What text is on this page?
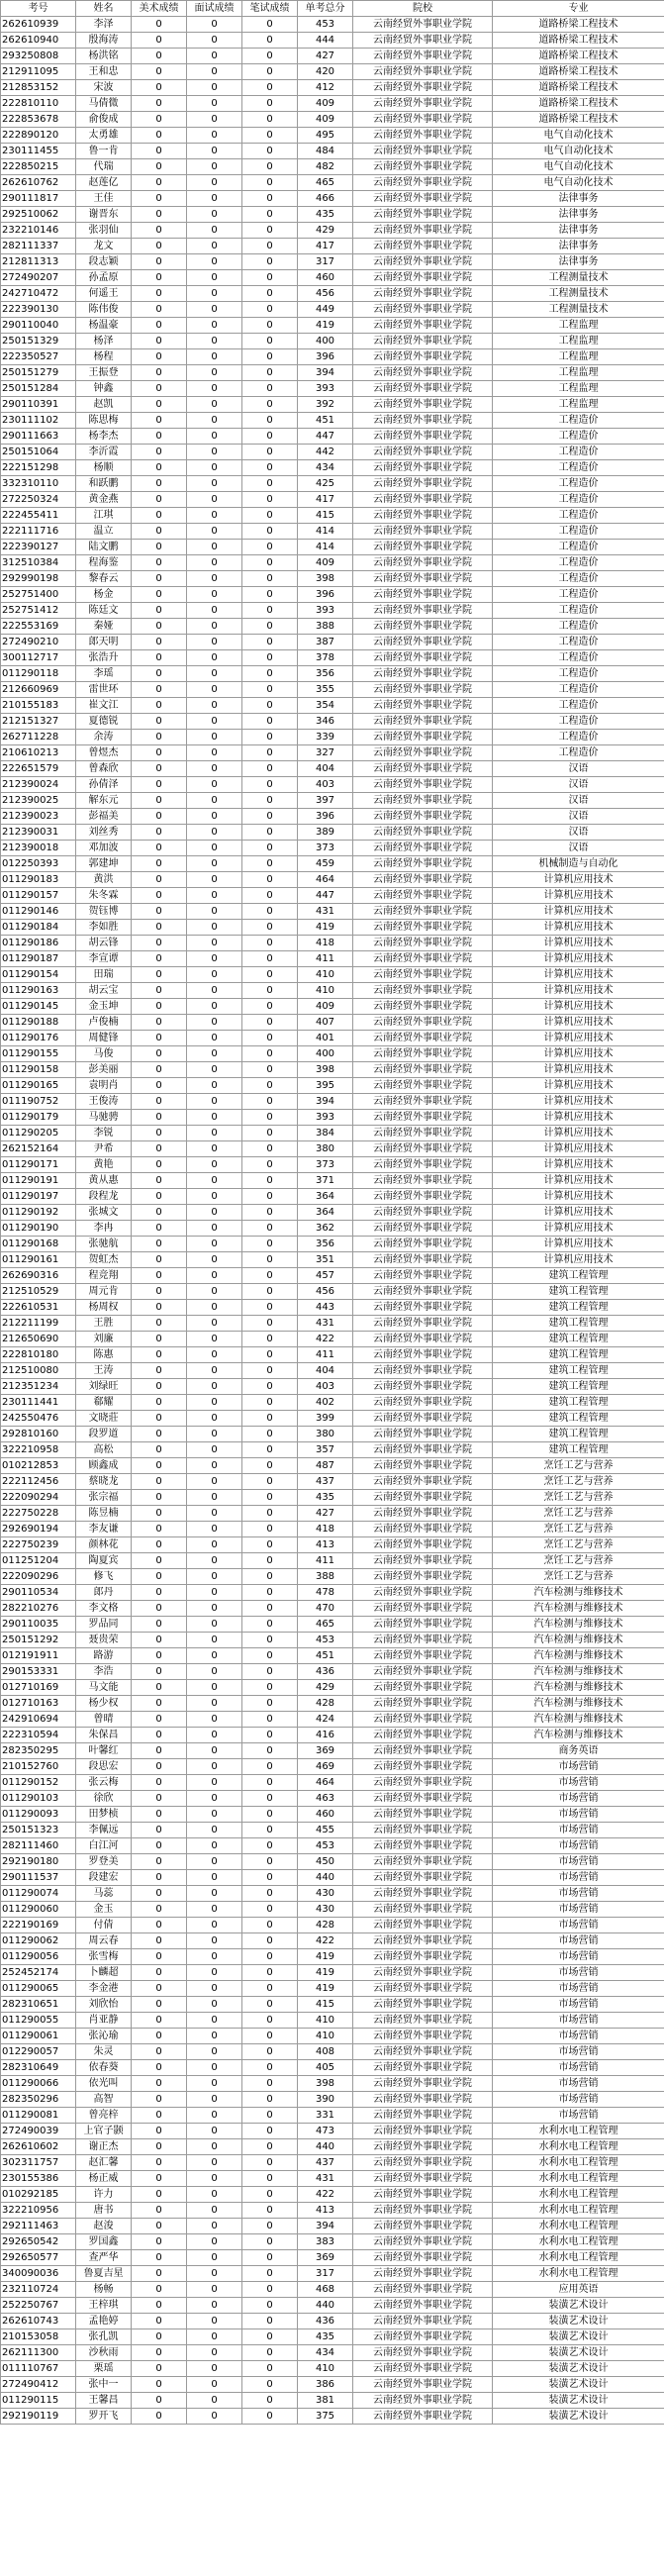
考号	姓名	美术成绩	面试成绩	笔试成绩	单考总分	院校	专业
262610939	李泽	0	0	0	453	云南经贸外事职业学院	道路桥梁工程技术
262610940	殷海涛	0	0	0	444	云南经贸外事职业学院	道路桥梁工程技术
293250808	杨洪铭	0	0	0	427	云南经贸外事职业学院	道路桥梁工程技术
212911095	王和忠	0	0	0	420	云南经贸外事职业学院	道路桥梁工程技术
212853152	宋波	0	0	0	412	云南经贸外事职业学院	道路桥梁工程技术
222810110	马倩微	0	0	0	409	云南经贸外事职业学院	道路桥梁工程技术
222853678	俞俊成	0	0	0	409	云南经贸外事职业学院	道路桥梁工程技术
222890120	太勇雄	0	0	0	495	云南经贸外事职业学院	电气自动化技术
230111455	鲁一肯	0	0	0	484	云南经贸外事职业学院	电气自动化技术
222850215	代瑞	0	0	0	482	云南经贸外事职业学院	电气自动化技术
262610762	赵莲亿	0	0	0	465	云南经贸外事职业学院	电气自动化技术
290111817	王佳	0	0	0	466	云南经贸外事职业学院	法律事务
292510062	谢晋东	0	0	0	435	云南经贸外事职业学院	法律事务
232210146	张羽仙	0	0	0	429	云南经贸外事职业学院	法律事务
282111337	龙文	0	0	0	417	云南经贸外事职业学院	法律事务
212811313	段志颖	0	0	0	317	云南经贸外事职业学院	法律事务
272490207	孙孟原	0	0	0	460	云南经贸外事职业学院	工程测量技术
242710472	何遥王	0	0	0	456	云南经贸外事职业学院	工程测量技术
222390130	陈伟俊	0	0	0	449	云南经贸外事职业学院	工程测量技术
290110040	杨温豪	0	0	0	419	云南经贸外事职业学院	工程监理
250151329	杨泽	0	0	0	400	云南经贸外事职业学院	工程监理
222350527	杨程	0	0	0	396	云南经贸外事职业学院	工程监理
250151279	王振登	0	0	0	394	云南经贸外事职业学院	工程监理
250151284	钟鑫	0	0	0	393	云南经贸外事职业学院	工程监理
290110391	赵凯	0	0	0	392	云南经贸外事职业学院	工程监理
230111102	陈思梅	0	0	0	451	云南经贸外事职业学院	工程造价
290111663	杨李杰	0	0	0	447	云南经贸外事职业学院	工程造价
250151064	李沂霞	0	0	0	442	云南经贸外事职业学院	工程造价
222151298	杨顺	0	0	0	434	云南经贸外事职业学院	工程造价
332310110	和跃鹏	0	0	0	425	云南经贸外事职业学院	工程造价
272250324	黄金燕	0	0	0	417	云南经贸外事职业学院	工程造价
222455411	江琪	0	0	0	415	云南经贸外事职业学院	工程造价
222111716	温立	0	0	0	414	云南经贸外事职业学院	工程造价
222390127	陆文鹏	0	0	0	414	云南经贸外事职业学院	工程造价
312510384	程海鉴	0	0	0	409	云南经贸外事职业学院	工程造价
292990198	黎春云	0	0	0	398	云南经贸外事职业学院	工程造价
252751400	杨金	0	0	0	396	云南经贸外事职业学院	工程造价
252751412	陈廷文	0	0	0	393	云南经贸外事职业学院	工程造价
222553169	秦娅	0	0	0	388	云南经贸外事职业学院	工程造价
272490210	郎天明	0	0	0	387	云南经贸外事职业学院	工程造价
300112717	张浩升	0	0	0	378	云南经贸外事职业学院	工程造价
011290118	李瑶	0	0	0	356	云南经贸外事职业学院	工程造价
212660969	雷世环	0	0	0	355	云南经贸外事职业学院	工程造价
210155183	崔文江	0	0	0	354	云南经贸外事职业学院	工程造价
212151327	夏德锐	0	0	0	346	云南经贸外事职业学院	工程造价
262711228	余涛	0	0	0	339	云南经贸外事职业学院	工程造价
210610213	曾煜杰	0	0	0	327	云南经贸外事职业学院	工程造价
222651579	曾森欣	0	0	0	404	云南经贸外事职业学院	汉语
212390024	孙倩泽	0	0	0	403	云南经贸外事职业学院	汉语
212390025	解东元	0	0	0	397	云南经贸外事职业学院	汉语
212390023	彭福美	0	0	0	396	云南经贸外事职业学院	汉语
212390031	刘丝秀	0	0	0	389	云南经贸外事职业学院	汉语
212390018	邓加波	0	0	0	373	云南经贸外事职业学院	汉语
012250393	郭建坤	0	0	0	459	云南经贸外事职业学院	机械制造与自动化
011290183	黄洪	0	0	0	464	云南经贸外事职业学院	计算机应用技术
011290157	朱冬霖	0	0	0	447	云南经贸外事职业学院	计算机应用技术
011290146	贺钰博	0	0	0	431	云南经贸外事职业学院	计算机应用技术
011290184	李如胜	0	0	0	419	云南经贸外事职业学院	计算机应用技术
011290186	胡云锋	0	0	0	418	云南经贸外事职业学院	计算机应用技术
011290187	李宣谭	0	0	0	411	云南经贸外事职业学院	计算机应用技术
011290154	田瑞	0	0	0	410	云南经贸外事职业学院	计算机应用技术
011290163	胡云宝	0	0	0	410	云南经贸外事职业学院	计算机应用技术
011290145	金玉坤	0	0	0	409	云南经贸外事职业学院	计算机应用技术
011290188	卢俊楠	0	0	0	407	云南经贸外事职业学院	计算机应用技术
011290176	周健锋	0	0	0	401	云南经贸外事职业学院	计算机应用技术
011290155	马俊	0	0	0	400	云南经贸外事职业学院	计算机应用技术
011290158	彭美丽	0	0	0	398	云南经贸外事职业学院	计算机应用技术
011290165	袁明肖	0	0	0	395	云南经贸外事职业学院	计算机应用技术
011190752	王俊涛	0	0	0	394	云南经贸外事职业学院	计算机应用技术
011290179	马驰骋	0	0	0	393	云南经贸外事职业学院	计算机应用技术
011290205	李锐	0	0	0	384	云南经贸外事职业学院	计算机应用技术
262152164	尹希	0	0	0	380	云南经贸外事职业学院	计算机应用技术
011290171	黄艳	0	0	0	373	云南经贸外事职业学院	计算机应用技术
011290191	黄从惠	0	0	0	371	云南经贸外事职业学院	计算机应用技术
011290197	段程龙	0	0	0	364	云南经贸外事职业学院	计算机应用技术
011290192	张城文	0	0	0	364	云南经贸外事职业学院	计算机应用技术
011290190	李冉	0	0	0	362	云南经贸外事职业学院	计算机应用技术
011290168	张驰航	0	0	0	356	云南经贸外事职业学院	计算机应用技术
011290161	贺虹杰	0	0	0	351	云南经贸外事职业学院	计算机应用技术
262690316	程竞翔	0	0	0	457	云南经贸外事职业学院	建筑工程管理
212510529	周元肯	0	0	0	456	云南经贸外事职业学院	建筑工程管理
222610531	杨周权	0	0	0	443	云南经贸外事职业学院	建筑工程管理
212211199	王胜	0	0	0	431	云南经贸外事职业学院	建筑工程管理
212650690	刘廉	0	0	0	422	云南经贸外事职业学院	建筑工程管理
222810180	陈惠	0	0	0	411	云南经贸外事职业学院	建筑工程管理
212510080	王涛	0	0	0	404	云南经贸外事职业学院	建筑工程管理
212351234	刘绿旺	0	0	0	403	云南经贸外事职业学院	建筑工程管理
230111441	郗耀	0	0	0	402	云南经贸外事职业学院	建筑工程管理
242550476	文晓莊	0	0	0	399	云南经贸外事职业学院	建筑工程管理
292810160	段罗道	0	0	0	380	云南经贸外事职业学院	建筑工程管理
322210958	高松	0	0	0	357	云南经贸外事职业学院	建筑工程管理
010212853	顾鑫成	0	0	0	487	云南经贸外事职业学院	烹饪工艺与营养
222112456	蔡晓龙	0	0	0	437	云南经贸外事职业学院	烹饪工艺与营养
222090294	张宗福	0	0	0	435	云南经贸外事职业学院	烹饪工艺与营养
222750228	陈昱楠	0	0	0	427	云南经贸外事职业学院	烹饪工艺与营养
292690194	李友谦	0	0	0	418	云南经贸外事职业学院	烹饪工艺与营养
222750239	颜林花	0	0	0	413	云南经贸外事职业学院	烹饪工艺与营养
011251204	陶夏宾	0	0	0	411	云南经贸外事职业学院	烹饪工艺与营养
222090296	修飞	0	0	0	388	云南经贸外事职业学院	烹饪工艺与营养
290110534	郎丹	0	0	0	478	云南经贸外事职业学院	汽车检测与维修技术
282210276	李文格	0	0	0	470	云南经贸外事职业学院	汽车检测与维修技术
290110035	罗品同	0	0	0	465	云南经贸外事职业学院	汽车检测与维修技术
250151292	聂贵荣	0	0	0	453	云南经贸外事职业学院	汽车检测与维修技术
012191911	路游	0	0	0	451	云南经贸外事职业学院	汽车检测与维修技术
290153331	李浩	0	0	0	436	云南经贸外事职业学院	汽车检测与维修技术
012710169	马文能	0	0	0	429	云南经贸外事职业学院	汽车检测与维修技术
012710163	杨少权	0	0	0	428	云南经贸外事职业学院	汽车检测与维修技术
242910694	曾晴	0	0	0	424	云南经贸外事职业学院	汽车检测与维修技术
222310594	朱保昌	0	0	0	416	云南经贸外事职业学院	汽车检测与维修技术
282350295	叶馨红	0	0	0	369	云南经贸外事职业学院	商务英语
210152760	段思宏	0	0	0	469	云南经贸外事职业学院	市场营销
011290152	张云梅	0	0	0	464	云南经贸外事职业学院	市场营销
011290103	徐欣	0	0	0	463	云南经贸外事职业学院	市场营销
011290093	田梦桢	0	0	0	460	云南经贸外事职业学院	市场营销
250151323	李佩远	0	0	0	455	云南经贸外事职业学院	市场营销
282111460	白江河	0	0	0	453	云南经贸外事职业学院	市场营销
292190180	罗登美	0	0	0	450	云南经贸外事职业学院	市场营销
290111537	段建宏	0	0	0	440	云南经贸外事职业学院	市场营销
011290074	马蕊	0	0	0	430	云南经贸外事职业学院	市场营销
011290060	金玉	0	0	0	430	云南经贸外事职业学院	市场营销
222190169	付倩	0	0	0	428	云南经贸外事职业学院	市场营销
011290062	周云春	0	0	0	422	云南经贸外事职业学院	市场营销
011290056	张雪梅	0	0	0	419	云南经贸外事职业学院	市场营销
252452174	卜麟超	0	0	0	419	云南经贸外事职业学院	市场营销
011290065	李金港	0	0	0	419	云南经贸外事职业学院	市场营销
282310651	刘欣怡	0	0	0	415	云南经贸外事职业学院	市场营销
011290055	肖亚静	0	0	0	410	云南经贸外事职业学院	市场营销
011290061	张沁瑜	0	0	0	410	云南经贸外事职业学院	市场营销
012290057	朱灵	0	0	0	408	云南经贸外事职业学院	市场营销
282310649	依春葵	0	0	0	405	云南经贸外事职业学院	市场营销
011290066	依光叫	0	0	0	398	云南经贸外事职业学院	市场营销
282350296	高智	0	0	0	390	云南经贸外事职业学院	市场营销
011290081	曾亮梓	0	0	0	331	云南经贸外事职业学院	市场营销
272490039	上官子颢	0	0	0	473	云南经贸外事职业学院	水利水电工程管理
262610602	谢正杰	0	0	0	440	云南经贸外事职业学院	水利水电工程管理
302311757	赵汇馨	0	0	0	437	云南经贸外事职业学院	水利水电工程管理
230155386	杨正威	0	0	0	431	云南经贸外事职业学院	水利水电工程管理
010292185	许力	0	0	0	422	云南经贸外事职业学院	水利水电工程管理
322210956	唐书	0	0	0	413	云南经贸外事职业学院	水利水电工程管理
292111463	赵浚	0	0	0	394	云南经贸外事职业学院	水利水电工程管理
292650542	罗国鑫	0	0	0	383	云南经贸外事职业学院	水利水电工程管理
292650577	查严华	0	0	0	369	云南经贸外事职业学院	水利水电工程管理
340090036	鲁夏吉星	0	0	0	317	云南经贸外事职业学院	水利水电工程管理
232110724	杨畅	0	0	0	468	云南经贸外事职业学院	应用英语
252250767	王梓琪	0	0	0	440	云南经贸外事职业学院	装潢艺术设计
262610743	孟艳婷	0	0	0	436	云南经贸外事职业学院	装潢艺术设计
210153058	张孔凯	0	0	0	435	云南经贸外事职业学院	装潢艺术设计
262111300	沙秋雨	0	0	0	434	云南经贸外事职业学院	装潢艺术设计
011110767	栗瑶	0	0	0	410	云南经贸外事职业学院	装潢艺术设计
272490412	张中一	0	0	0	386	云南经贸外事职业学院	装潢艺术设计
011290115	王馨昌	0	0	0	381	云南经贸外事职业学院	装潢艺术设计
292190119	罗开飞	0	0	0	375	云南经贸外事职业学院	装潢艺术设计
